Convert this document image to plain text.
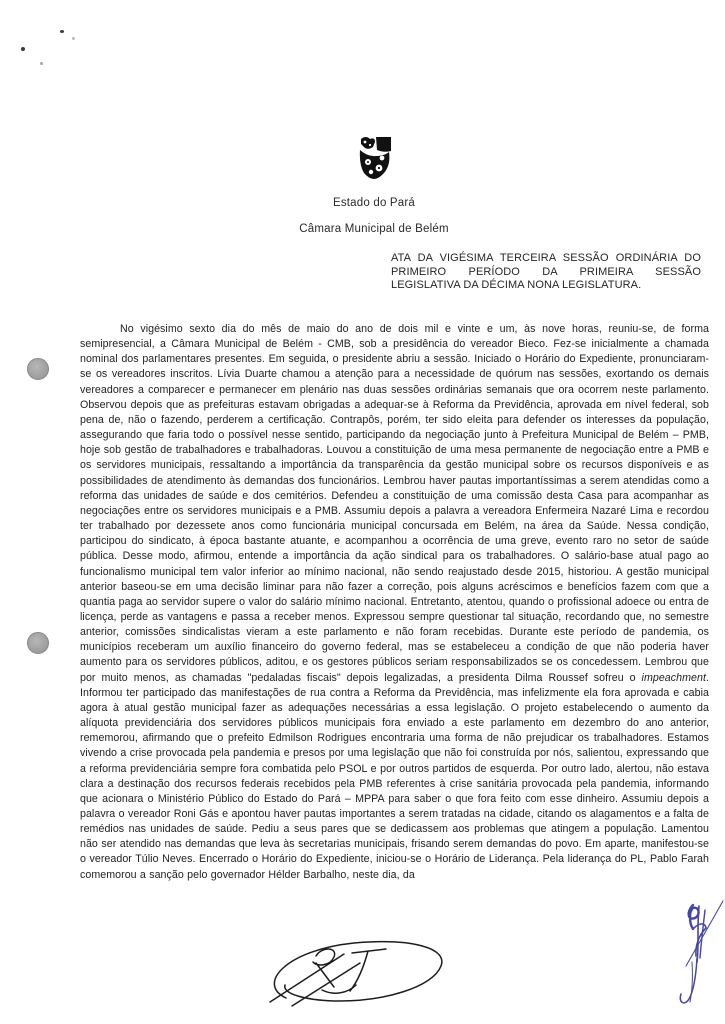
Estado do Pará
Câmara Municipal de Belém
ATA DA VIGÉSIMA TERCEIRA SESSÃO ORDINÁRIA DO
PRIMEIRO PERÍODO DA PRIMEIRA SESSÃO
LEGISLATIVA DA DÉCIMA NONA LEGISLATURA.

No vigésimo sexto dia do mês de maio do ano de dois mil e vinte e um, às nove horas, reuniu-se, de forma semipresencial, a Câmara Municipal de Belém - CMB, sob a presidência do vereador Bieco. Fez-se inicialmente a chamada nominal dos parlamentares presentes. Em seguida, o presidente abriu a sessão. Iniciado o Horário do Expediente, pronunciaram-se os vereadores inscritos. Lívia Duarte chamou a atenção para a necessidade de quórum nas sessões, exortando os demais vereadores a comparecer e permanecer em plenário nas duas sessões ordinárias semanais que ora ocorrem neste parlamento. Observou depois que as prefeituras estavam obrigadas a adequar-se à Reforma da Previdência, aprovada em nível federal, sob pena de, não o fazendo, perderem a certificação. Contrapôs, porém, ter sido eleita para defender os interesses da população, assegurando que faria todo o possível nesse sentido, participando da negociação junto à Prefeitura Municipal de Belém – PMB, hoje sob gestão de trabalhadores e trabalhadoras. Louvou a constituição de uma mesa permanente de negociação entre a PMB e os servidores municipais, ressaltando a importância da transparência da gestão municipal sobre os recursos disponíveis e as possibilidades de atendimento às demandas dos funcionários. Lembrou haver pautas importantíssimas a serem atendidas como a reforma das unidades de saúde e dos cemitérios. Defendeu a constituição de uma comissão desta Casa para acompanhar as negociações entre os servidores municipais e a PMB. Assumiu depois a palavra a vereadora Enfermeira Nazaré Lima e recordou ter trabalhado por dezessete anos como funcionária municipal concursada em Belém, na área da Saúde. Nessa condição, participou do sindicato, à época bastante atuante, e acompanhou a ocorrência de uma greve, evento raro no setor de saúde pública. Desse modo, afirmou, entende a importância da ação sindical para os trabalhadores. O salário-base atual pago ao funcionalismo municipal tem valor inferior ao mínimo nacional, não sendo reajustado desde 2015, historiou. A gestão municipal anterior baseou-se em uma decisão liminar para não fazer a correção, pois alguns acréscimos e benefícios fazem com que a quantia paga ao servidor supere o valor do salário mínimo nacional. Entretanto, atentou, quando o profissional adoece ou entra de licença, perde as vantagens e passa a receber menos. Expressou sempre questionar tal situação, recordando que, no semestre anterior, comissões sindicalistas vieram a este parlamento e não foram recebidas. Durante este período de pandemia, os municípios receberam um auxílio financeiro do governo federal, mas se estabeleceu a condição de que não poderia haver aumento para os servidores públicos, aditou, e os gestores públicos seriam responsabilizados se os concedessem. Lembrou que por muito menos, as chamadas "pedaladas fiscais" depois legalizadas, a presidenta Dilma Roussef sofreu o impeachment. Informou ter participado das manifestações de rua contra a Reforma da Previdência, mas infelizmente ela fora aprovada e cabia agora à atual gestão municipal fazer as adequações necessárias a essa legislação. O projeto estabelecendo o aumento da alíquota previdenciária dos servidores públicos municipais fora enviado a este parlamento em dezembro do ano anterior, rememorou, afirmando que o prefeito Edmilson Rodrigues encontraria uma forma de não prejudicar os trabalhadores. Estamos vivendo a crise provocada pela pandemia e presos por uma legislação que não foi construída por nós, salientou, expressando que a reforma previdenciária sempre fora combatida pelo PSOL e por outros partidos de esquerda. Por outro lado, alertou, não estava clara a destinação dos recursos federais recebidos pela PMB referentes à crise sanitária provocada pela pandemia, informando que acionara o Ministério Público do Estado do Pará – MPPA para saber o que fora feito com esse dinheiro. Assumiu depois a palavra o vereador Roni Gás e apontou haver pautas importantes a serem tratadas na cidade, citando os alagamentos e a falta de remédios nas unidades de saúde. Pediu a seus pares que se dedicassem aos problemas que atingem a população. Lamentou não ser atendido nas demandas que leva às secretarias municipais, frisando serem demandas do povo. Em aparte, manifestou-se o vereador Túlio Neves. Encerrado o Horário do Expediente, iniciou-se o Horário de Liderança. Pela liderança do PL, Pablo Farah comemorou a sanção pelo governador Hélder Barbalho, neste dia, da
